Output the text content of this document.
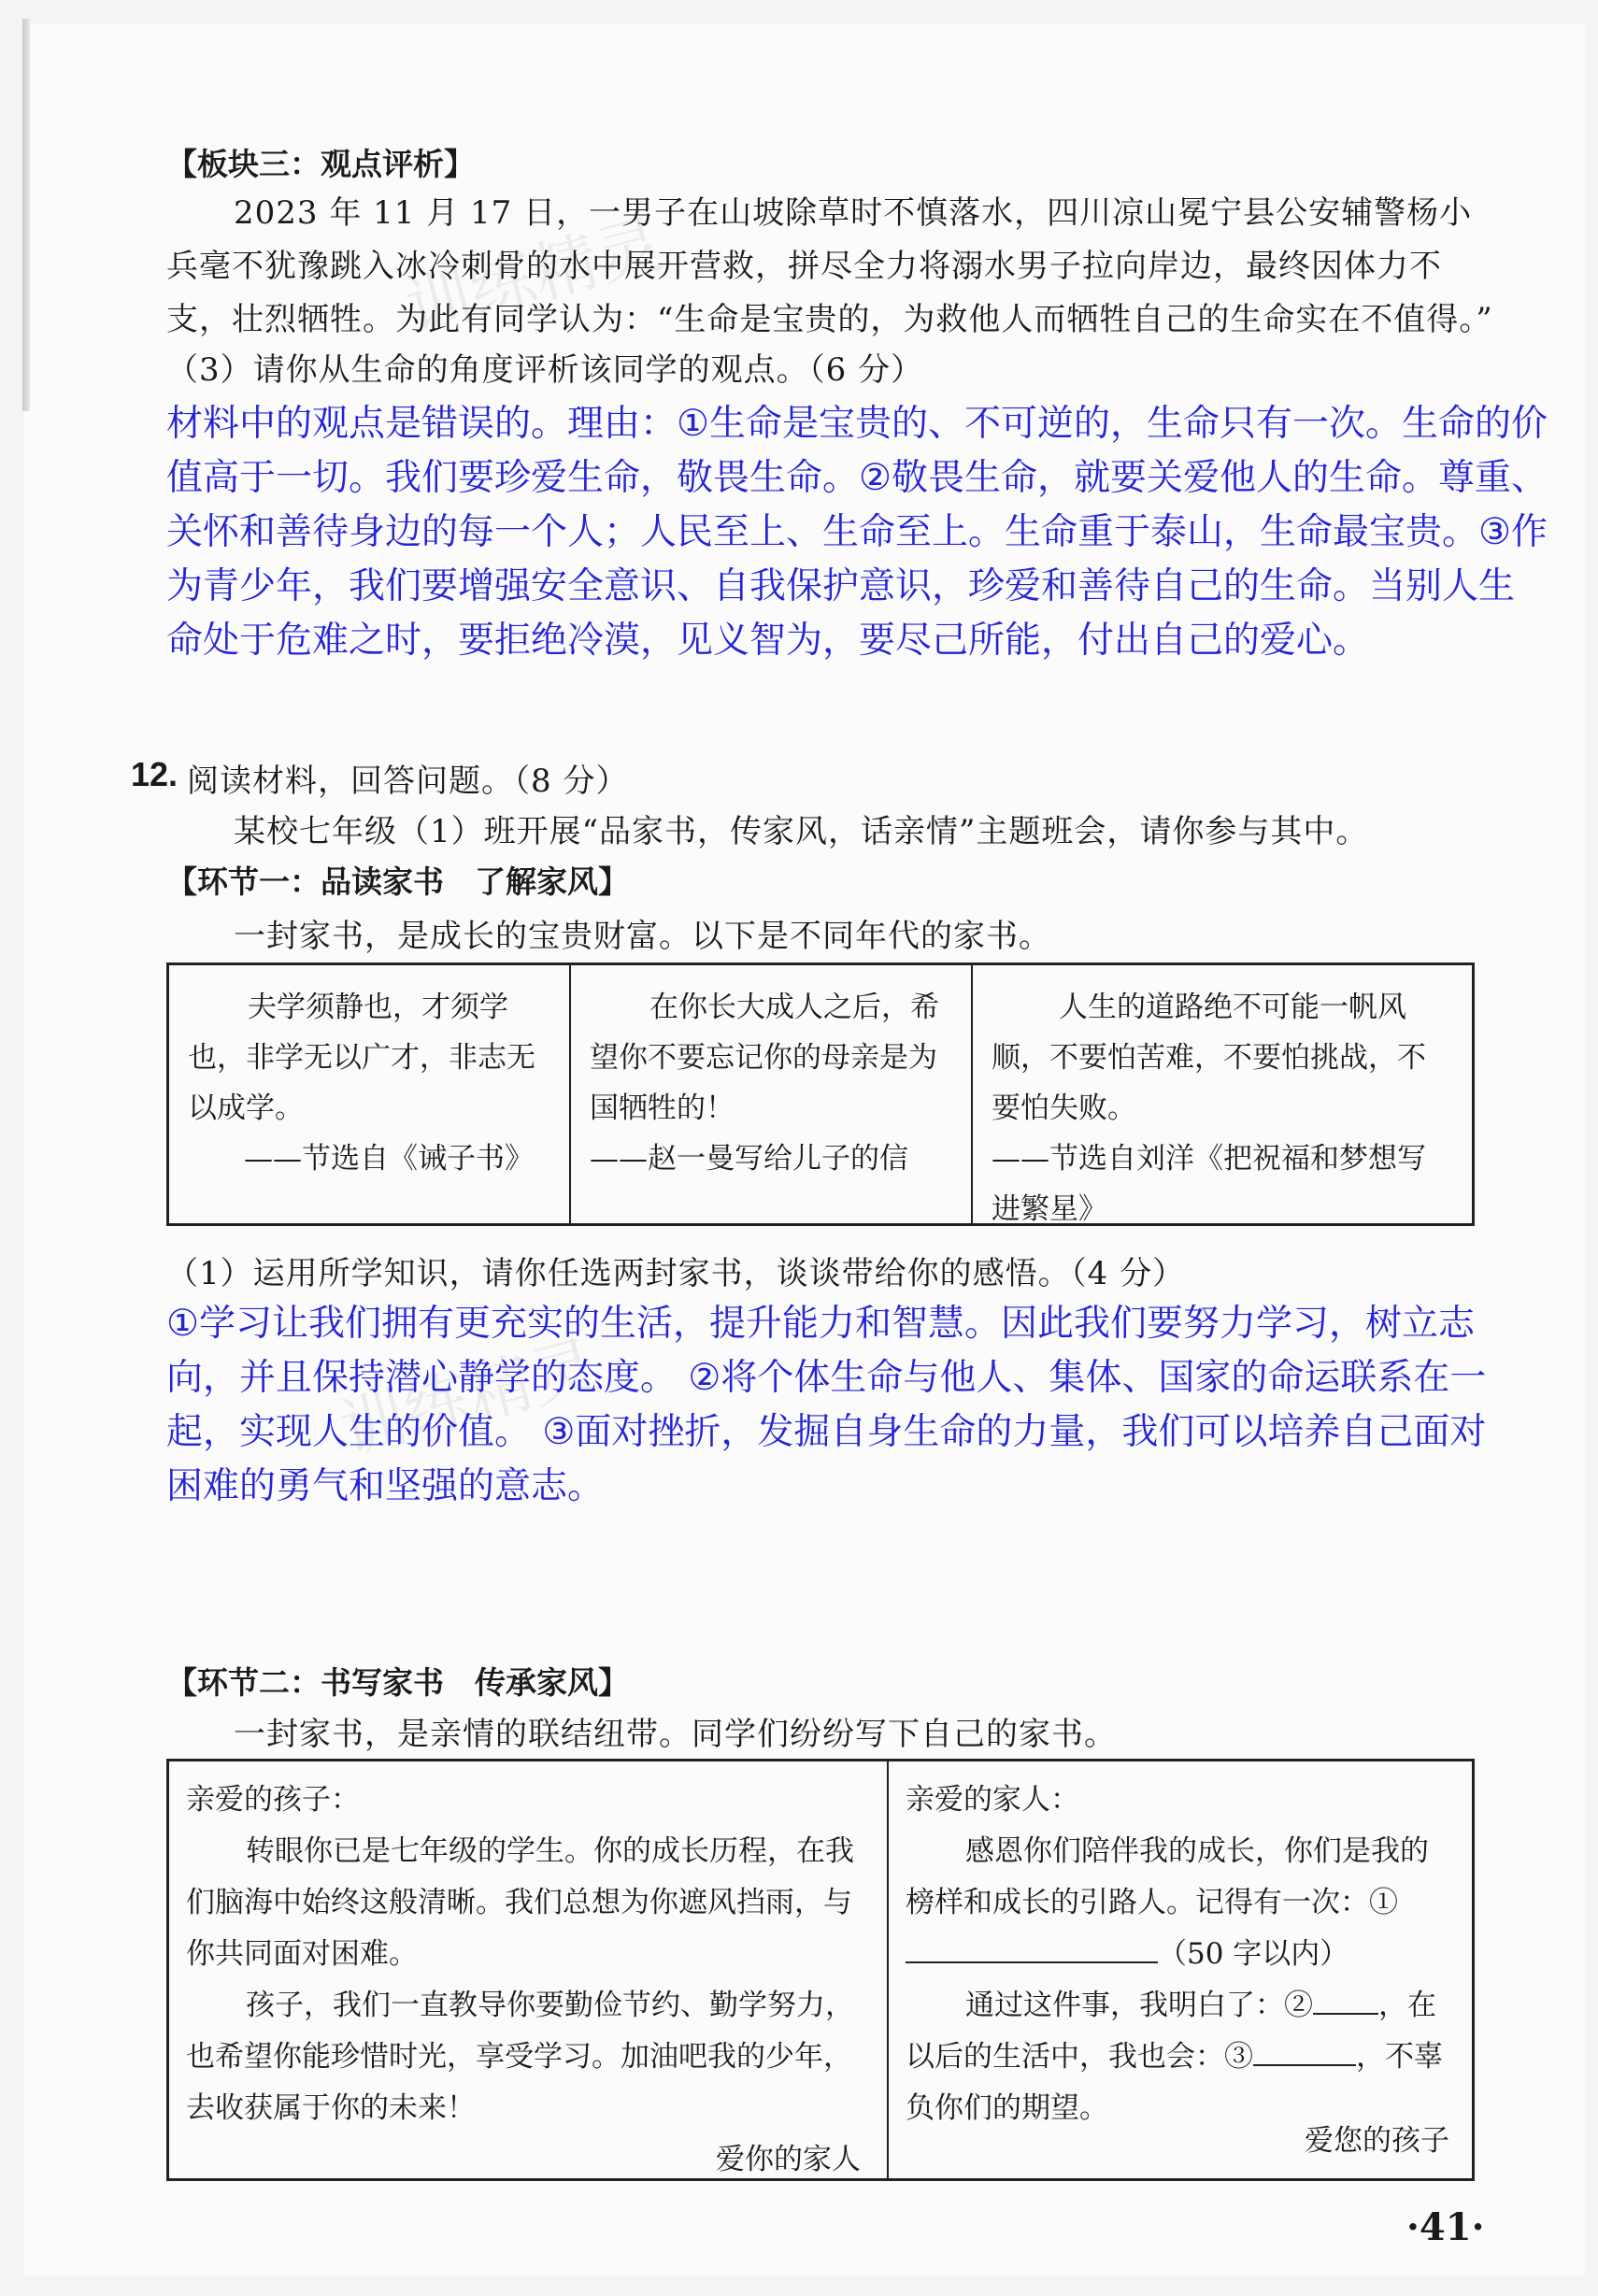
训练精灵
训练精灵
【板块三：观点评析】
2023 年 11 月 17 日，一男子在山坡除草时不慎落水，四川凉山冕宁县公安辅警杨小兵毫不犹豫跳入冰冷刺骨的水中展开营救，拼尽全力将溺水男子拉向岸边，最终因体力不支，壮烈牺牲。为此有同学认为：“生命是宝贵的，为救他人而牺牲自己的生命实在不值得。”
（3）请你从生命的角度评析该同学的观点。（6 分）
材料中的观点是错误的。理由：①生命是宝贵的、不可逆的，生命只有一次。生命的价值高于一切。我们要珍爱生命，敬畏生命。②敬畏生命，就要关爱他人的生命。尊重、关怀和善待身边的每一个人；人民至上、生命至上。生命重于泰山，生命最宝贵。③作为青少年，我们要增强安全意识、自我保护意识，珍爱和善待自己的生命。当别人生命处于危难之时，要拒绝冷漠，见义智为，要尽己所能，付出自己的爱心。
12. 阅读材料，回答问题。（8 分）
某校七年级（1）班开展“品家书，传家风，话亲情”主题班会，请你参与其中。
【环节一：品读家书　了解家风】
一封家书，是成长的宝贵财富。以下是不同年代的家书。
夫学须静也，才须学也，非学无以广才，非志无以成学。
——节选自《诫子书》
在你长大成人之后，希望你不要忘记你的母亲是为国牺牲的！
——赵一曼写给儿子的信
人生的道路绝不可能一帆风顺，不要怕苦难，不要怕挑战，不要怕失败。
——节选自刘洋《把祝福和梦想写进繁星》
（1）运用所学知识，请你任选两封家书，谈谈带给你的感悟。（4 分）
①学习让我们拥有更充实的生活，提升能力和智慧。因此我们要努力学习，树立志向，并且保持潜心静学的态度。 ②将个体生命与他人、集体、国家的命运联系在一起，实现人生的价值。 ③面对挫折，发掘自身生命的力量，我们可以培养自己面对困难的勇气和坚强的意志。
【环节二：书写家书　传承家风】
一封家书，是亲情的联结纽带。同学们纷纷写下自己的家书。
亲爱的孩子：
转眼你已是七年级的学生。你的成长历程，在我们脑海中始终这般清晰。我们总想为你遮风挡雨，与你共同面对困难。
孩子，我们一直教导你要勤俭节约、勤学努力，也希望你能珍惜时光，享受学习。加油吧我的少年，去收获属于你的未来！
爱你的家人
亲爱的家人：
感恩你们陪伴我的成长，你们是我的榜样和成长的引路人。记得有一次：①（50 字以内）
通过这件事，我明白了：② ，在以后的生活中，我也会：③	，不辜负你们的期望。
爱您的孩子
·41·
